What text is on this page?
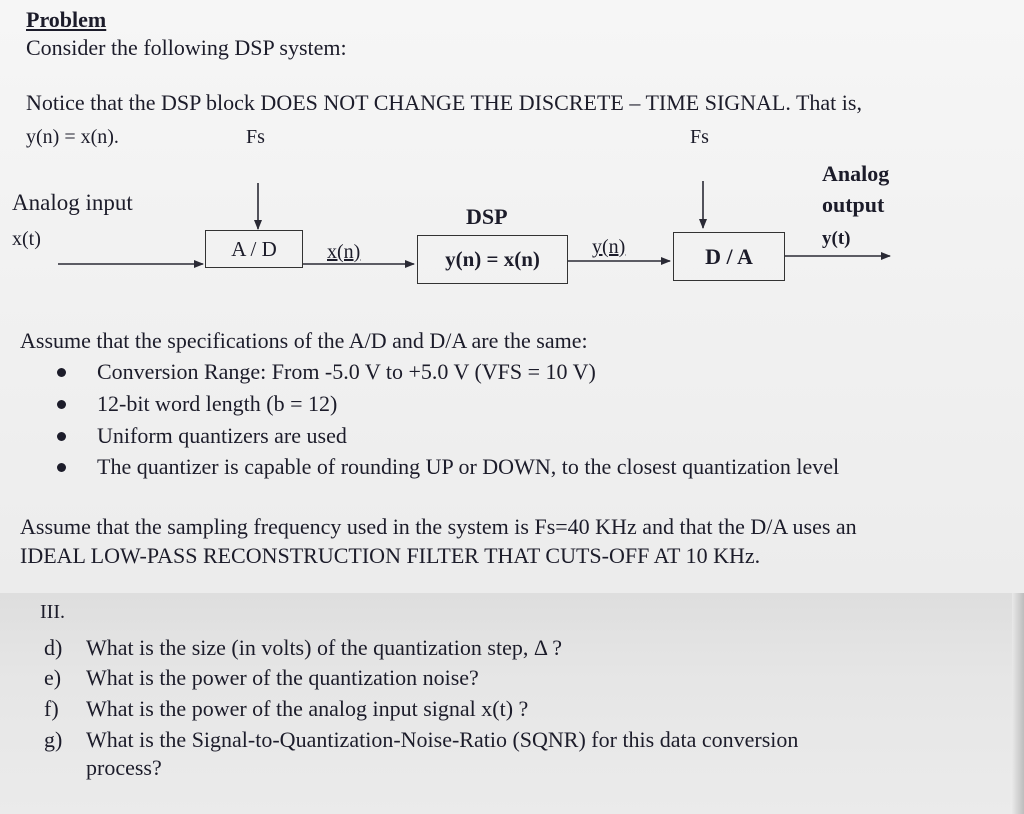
Problem
Consider the following DSP system:
Notice that the DSP block DOES NOT CHANGE THE DISCRETE – TIME SIGNAL. That is,
y(n) = x(n).	Fs	Fs
Analog input
x(t)	A / D	x(n)
DSP
y(n) = x(n)	y(n)	D / A
Analog
output
y(t)
Assume that the specifications of the A/D and D/A are the same:
Conversion Range: From -5.0 V to +5.0 V (VFS = 10 V)
12-bit word length (b = 12)
Uniform quantizers are used
The quantizer is capable of rounding UP or DOWN, to the closest quantization level
Assume that the sampling frequency used in the system is Fs=40 KHz and that the D/A uses an
IDEAL LOW-PASS RECONSTRUCTION FILTER THAT CUTS-OFF AT 10 KHz.
III.
d) What is the size (in volts) of the quantization step, Δ ?
e) What is the power of the quantization noise?
f) What is the power of the analog input signal x(t) ?
g) What is the Signal-to-Quantization-Noise-Ratio (SQNR) for this data conversion
process?
